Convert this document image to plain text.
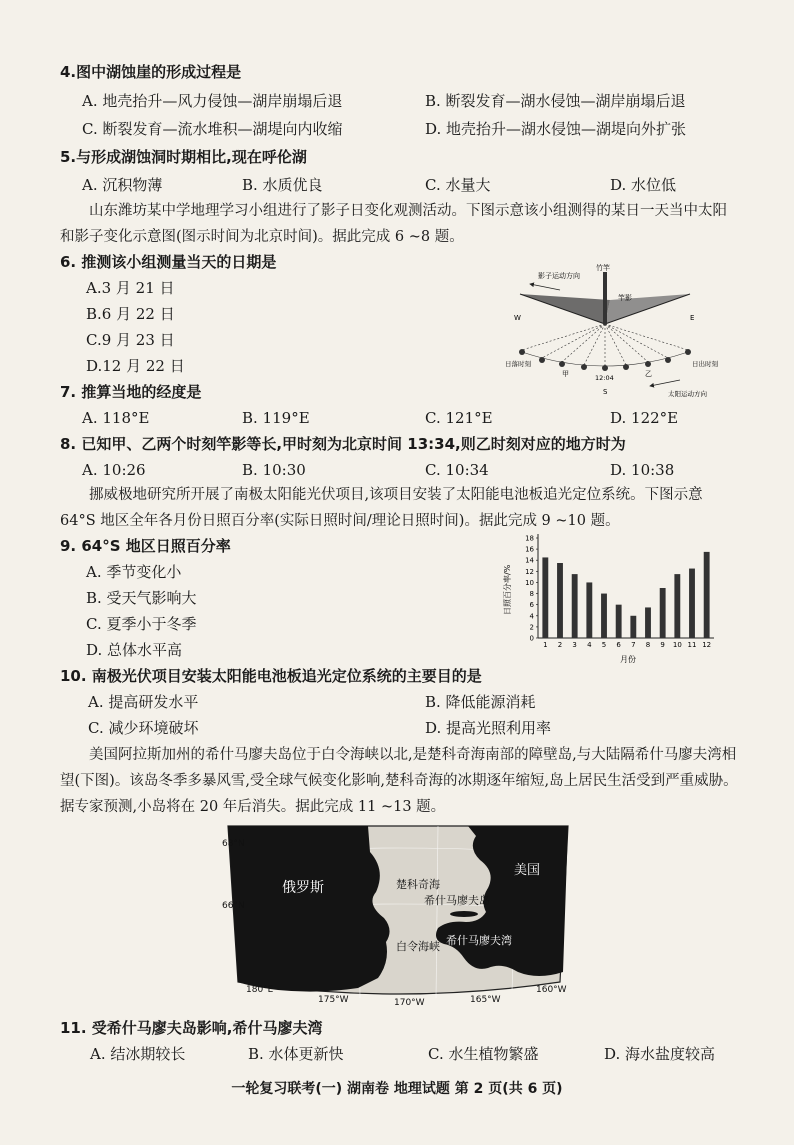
4.图中湖蚀崖的形成过程是
A. 地壳抬升—风力侵蚀—湖岸崩塌后退	B. 断裂发育—湖水侵蚀—湖岸崩塌后退
C. 断裂发育—流水堆积—湖堤向内收缩	D. 地壳抬升—湖水侵蚀—湖堤向外扩张
5.与形成湖蚀洞时期相比,现在呼伦湖
A. 沉积物薄	B. 水质优良	C. 水量大	D. 水位低
山东潍坊某中学地理学习小组进行了影子日变化观测活动。下图示意该小组测得的某日一天当中太阳和影子变化示意图(图示时间为北京时间)。据此完成 6 ~8 题。
6. 推测该小组测量当天的日期是
A.3 月 21 日
B.6 月 22 日
C.9 月 23 日
D.12 月 22 日
竹竿
竿影
影子运动方向
W	E
S
日落时刻	日出时刻
甲	乙
12:04
太阳运动方向
7. 推算当地的经度是
A. 118°E	B. 119°E	C. 121°E	D. 122°E
8. 已知甲、乙两个时刻竿影等长,甲时刻为北京时间 13:34,则乙时刻对应的地方时为
A. 10:26	B. 10:30	C. 10:34	D. 10:38
挪威极地研究所开展了南极太阳能光伏项目,该项目安装了太阳能电池板追光定位系统。下图示意 64°S 地区全年各月份日照百分率(实际日照时间/理论日照时间)。据此完成 9 ~10 题。
9. 64°S 地区日照百分率
A. 季节变化小
B. 受天气影响大
C. 夏季小于冬季
D. 总体水平高
0
2
4
6
8
10
12
14
16
18
1 2 3 4 5 6 7 8 9 10 11 12
日照百分率/%
月份
10. 南极光伏项目安装太阳能电池板追光定位系统的主要目的是
A. 提高研发水平	B. 降低能源消耗
C. 减少环境破坏	D. 提高光照利用率
美国阿拉斯加州的希什马廖夫岛位于白令海峡以北,是楚科奇海南部的障壁岛,与大陆隔希什马廖夫湾相望(下图)。该岛冬季多暴风雪,受全球气候变化影响,楚科奇海的冰期逐年缩短,岛上居民生活受到严重威胁。据专家预测,小岛将在 20 年后消失。据此完成 11 ~13 题。
俄罗斯
美国
楚科奇海
希什马廖夫岛
白令海峡 希什马廖夫湾
68°N
66°N
180°E
175°W	170°W	165°W
160°W
11. 受希什马廖夫岛影响,希什马廖夫湾
A. 结冰期较长	B. 水体更新快	C. 水生植物繁盛	D. 海水盐度较高
一轮复习联考(一) 湖南卷 地理试题 第 2 页(共 6 页)
